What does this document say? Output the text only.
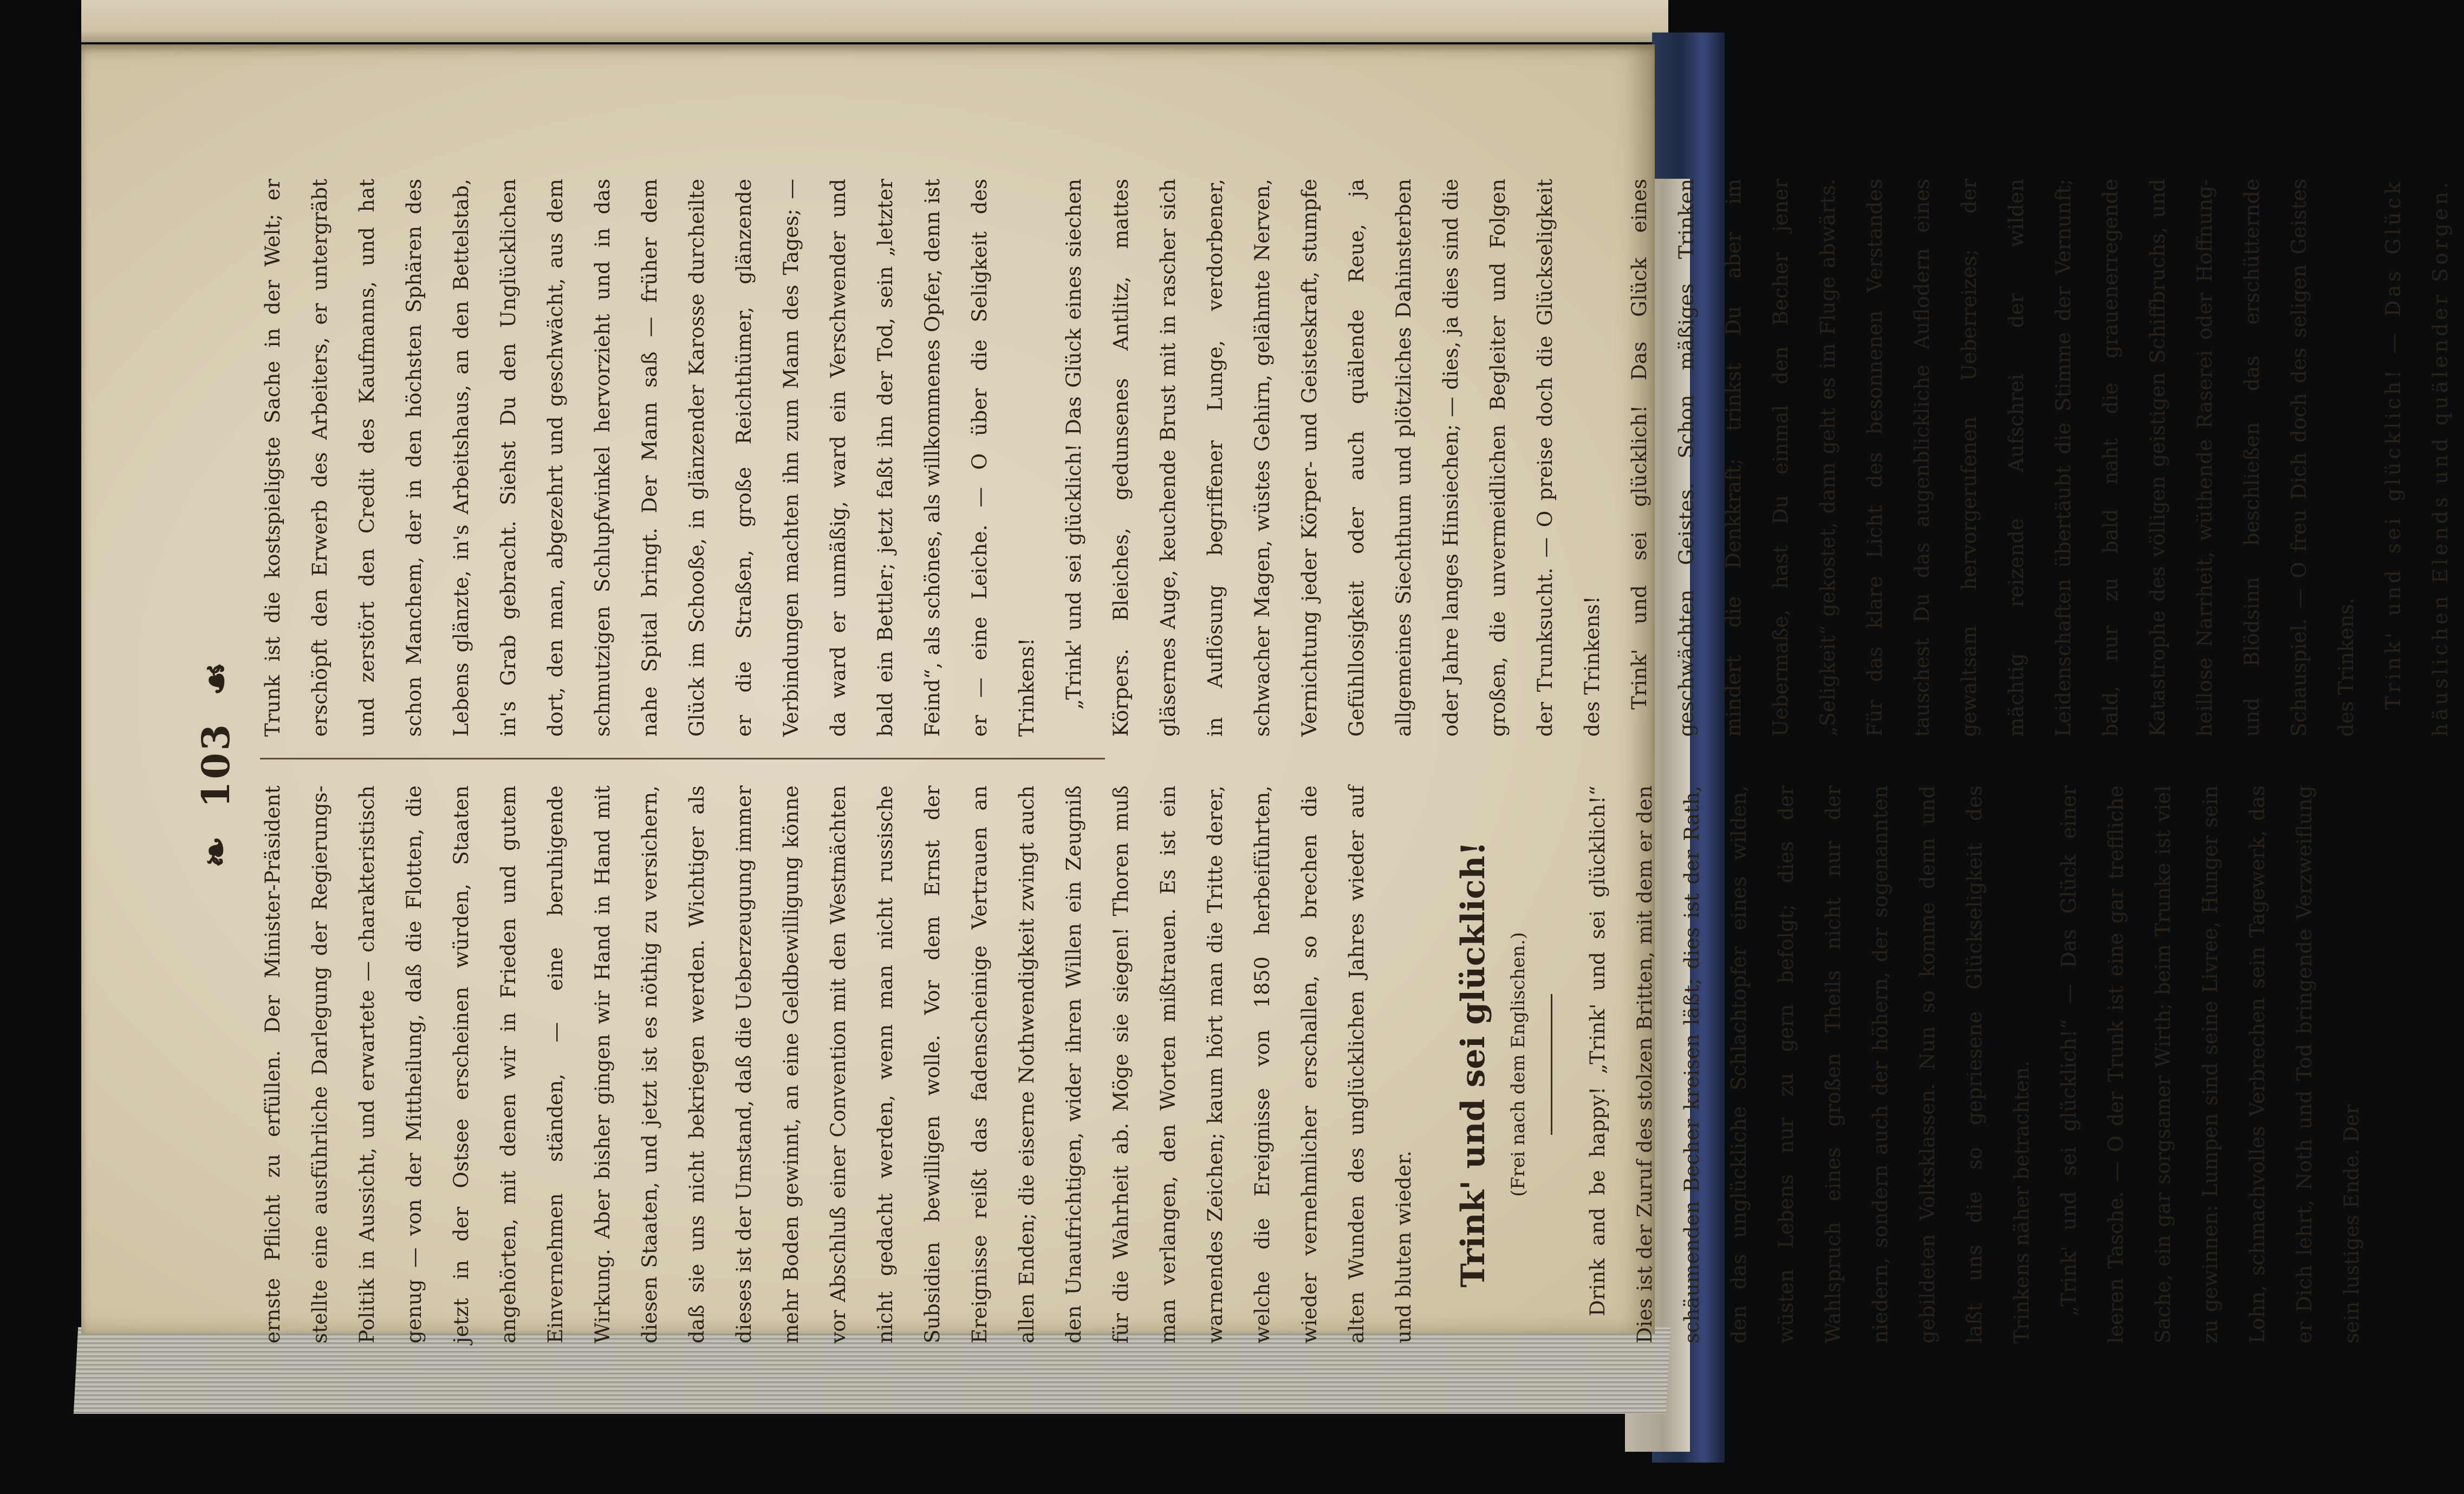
❧ 103 ☙

ernste Pflicht zu erfüllen. Der Minister-Präsident stellte eine ausführliche Darlegung der Regierungs-Politik in Aussicht, und erwartete — charakteristisch genug — von der Mittheilung, daß die Flotten, die jetzt in der Ostsee erscheinen würden, Staaten angehörten, mit denen wir in Frieden und gutem Einvernehmen ständen, — eine beruhigende Wirkung. Aber bisher gingen wir Hand in Hand mit diesen Staaten, und jetzt ist es nöthig zu versichern, daß sie uns nicht bekriegen werden. Wichtiger als dieses ist der Umstand, daß die Ueberzeugung immer mehr Boden gewinnt, an eine Geldbewilligung könne vor Abschluß einer Convention mit den Westmächten nicht gedacht werden, wenn man nicht russische Subsidien bewilligen wolle. Vor dem Ernst der Ereignisse reißt das fadenscheinige Vertrauen an allen Enden; die eiserne Nothwendigkeit zwingt auch den Unaufrichtigen, wider ihren Willen ein Zeugniß für die Wahrheit ab. Möge sie siegen! Thoren muß man verlangen, den Worten mißtrauen. Es ist ein warnendes Zeichen; kaum hört man die Tritte derer, welche die Ereignisse von 1850 herbeiführten, wieder vernehmlicher erschallen, so brechen die alten Wunden des unglücklichen Jahres wieder auf und bluten wieder.	Trink' und sei glücklich! (Frei nach dem Englischen.)	Drink and be happy! „Trink' und sei glücklich!“ Dies ist der Zuruf des stolzen Britten, mit dem er den schäumenden Becher kreisen läßt; dies ist der Rath, den das unglückliche Schlachtopfer eines wilden, wüsten Lebens nur zu gern befolgt; dies der Wahlspruch eines großen Theils nicht nur der niedern, sondern auch der höhern, der sogenannten gebildeten Volksklassen. Nun so komme denn und laßt uns die so gepriesene Glückseligkeit des Trinkens näher betrachten.	„Trink' und sei glücklich!“ — Das Glück einer leeren Tasche. — O der Trunk ist eine gar treffliche Sache, ein gar sorgsamer Wirth; beim Trunke ist viel zu gewinnen: Lumpen sind seine Livree, Hunger sein Lohn, schmachvolles Verbrechen sein Tagewerk, das er Dich lehrt, Noth und Tod bringende Verzweiflung sein lustiges Ende. Der

Trunk ist die kostspieligste Sache in der Welt; er erschöpft den Erwerb des Arbeiters, er untergräbt und zerstört den Credit des Kaufmanns, und hat schon Manchem, der in den höchsten Sphären des Lebens glänzte, in's Arbeitshaus, an den Bettelstab, in's Grab gebracht. Siehst Du den Unglücklichen dort, den man, abgezehrt und geschwächt, aus dem schmutzigen Schlupfwinkel hervorzieht und in das nahe Spital bringt. Der Mann saß — früher dem Glück im Schooße, in glänzender Karosse durcheilte er die Straßen, große Reichthümer, glänzende Verbindungen machten ihn zum Mann des Tages; — da ward er unmäßig, ward ein Verschwender und bald ein Bettler; jetzt faßt ihn der Tod, sein „letzter Feind“, als schönes, als willkommenes Opfer, denn ist er — eine Leiche. — O über die Seligkeit des Trinkens!	„Trink' und sei glücklich! Das Glück eines siechen Körpers. Bleiches, gedunsenes Antlitz, mattes gläsernes Auge, keuchende Brust mit in rascher sich in Auflösung begriffener Lunge, verdorbener, schwacher Magen, wüstes Gehirn, gelähmte Nerven, Vernichtung jeder Körper- und Geisteskraft, stumpfe Gefühllosigkeit oder auch quälende Reue, ja allgemeines Siechthum und plötzliches Dahinsterben oder Jahre langes Hinsiechen; — dies, ja dies sind die großen, die unvermeidlichen Begleiter und Folgen der Trunksucht. — O preise doch die Glückseligkeit des Trinkens!	Trink' und sei glücklich! Das Glück eines geschwächten Geistes. Schon mäßiges Trinken mindert die Denkkraft; trinkst Du aber im Uebermaße, hast Du einmal den Becher jener „Seligkeit“ gekostet, dann geht es im Fluge abwärts. Für das klare Licht des besonnenen Verstandes tauschest Du das augenblickliche Auflodern eines gewaltsam hervorgerufenen Ueberreizes; der mächtig reizende Aufschrei der wilden Leidenschaften übertäubt die Stimme der Vernunft; bald, nur zu bald naht die grauenerregende Katastrophe des völligen geistigen Schiffbruchs, und heillose Narrheit, wüthende Raserei oder Hoffnung- und Blödsinn beschließen das erschütternde Schauspiel. — O freu Dich doch des seligen Geistes des Trinkens.	Trink' und sei glücklich! — Das Glück häuslichen Elends und quälender Sorgen.
